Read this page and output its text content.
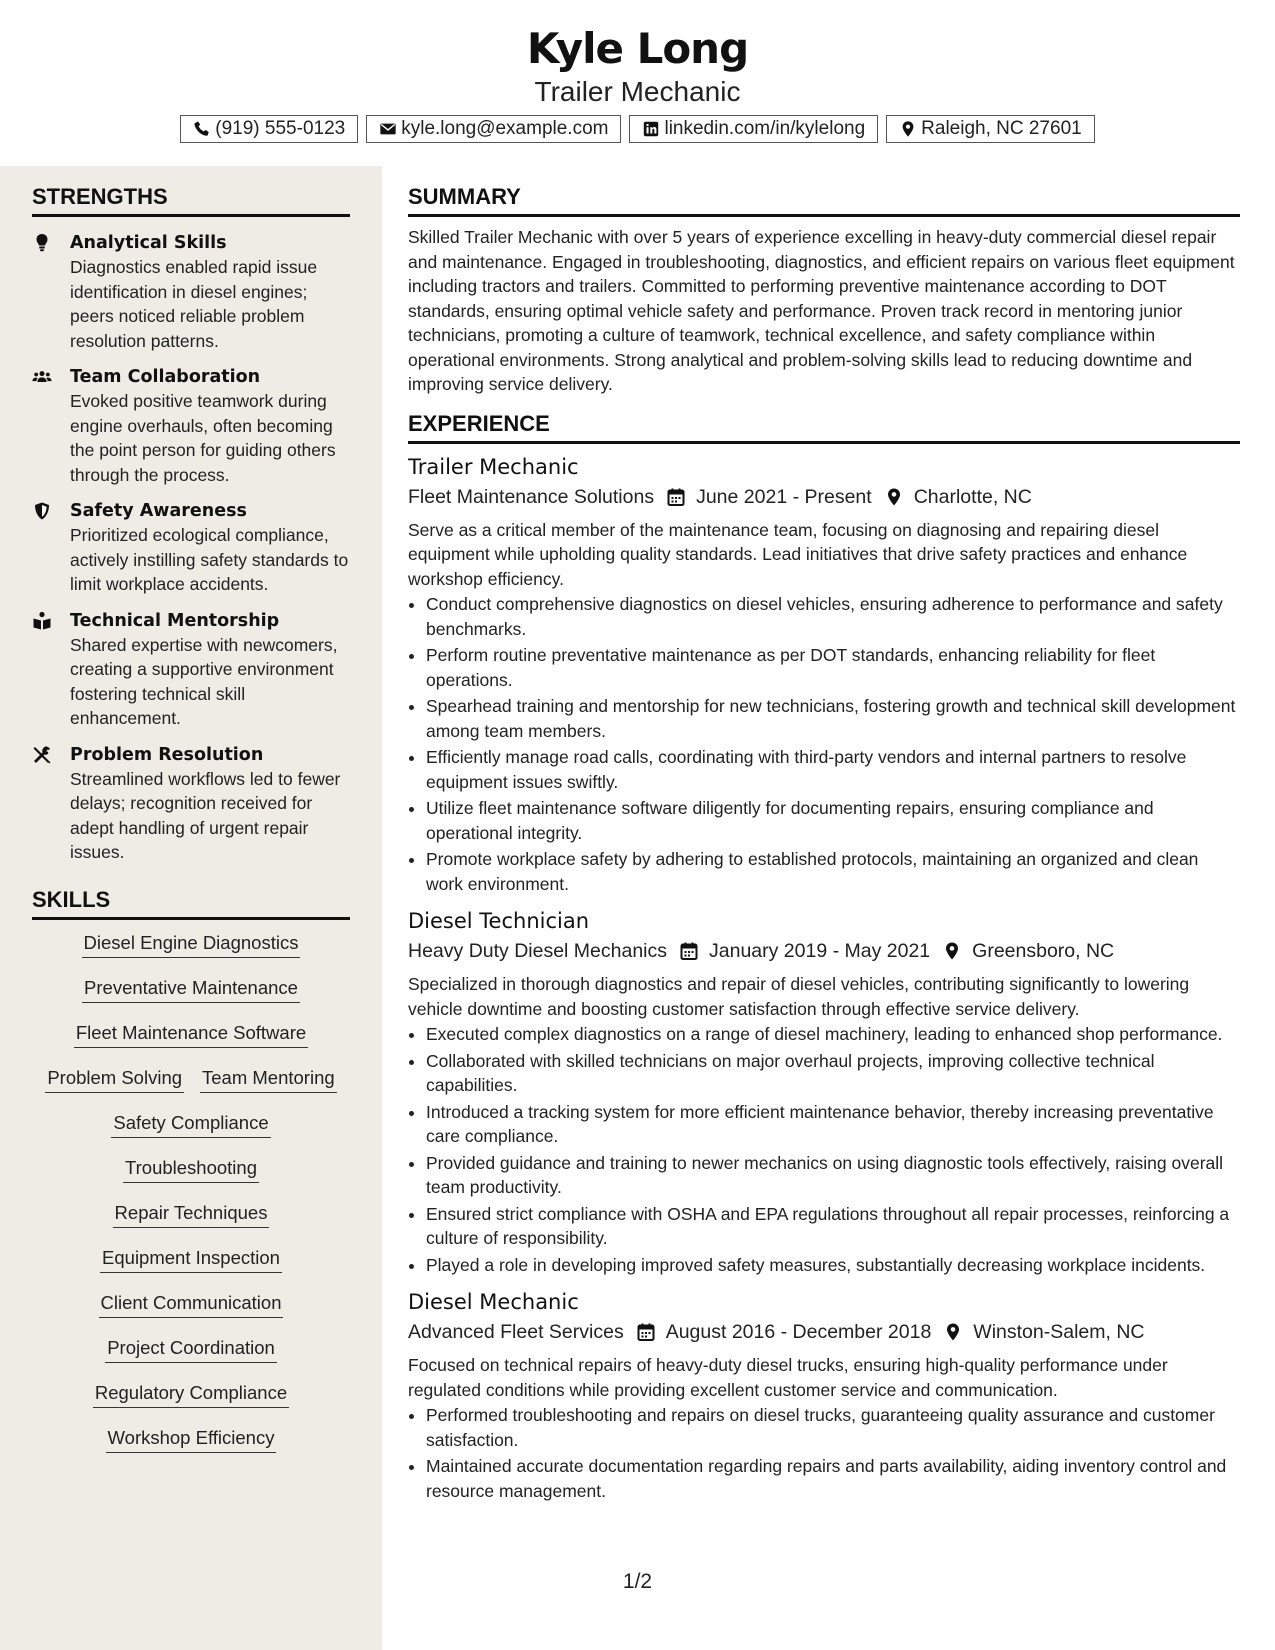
Kyle Long
Trailer Mechanic
(919) 555-0123	kyle.long@example.com	linkedin.com/in/kylelong	Raleigh, NC 27601
STRENGTHS
Analytical Skills
Diagnostics enabled rapid issue identification in diesel engines; peers noticed reliable problem resolution patterns.
Team Collaboration
Evoked positive teamwork during engine overhauls, often becoming the point person for guiding others through the process.
Safety Awareness
Prioritized ecological compliance, actively instilling safety standards to limit workplace accidents.
Technical Mentorship
Shared expertise with newcomers, creating a supportive environment fostering technical skill enhancement.
Problem Resolution
Streamlined workflows led to fewer delays; recognition received for adept handling of urgent repair issues.
SKILLS
Diesel Engine Diagnostics
Preventative Maintenance
Fleet Maintenance Software
Problem Solving Team Mentoring
Safety Compliance
Troubleshooting
Repair Techniques
Equipment Inspection
Client Communication
Project Coordination
Regulatory Compliance
Workshop Efficiency
SUMMARY
Skilled Trailer Mechanic with over 5 years of experience excelling in heavy-duty commercial diesel repair and maintenance. Engaged in troubleshooting, diagnostics, and efficient repairs on various fleet equipment including tractors and trailers. Committed to performing preventive maintenance according to DOT standards, ensuring optimal vehicle safety and performance. Proven track record in mentoring junior technicians, promoting a culture of teamwork, technical excellence, and safety compliance within operational environments. Strong analytical and problem-solving skills lead to reducing downtime and improving service delivery.
EXPERIENCE
Trailer Mechanic
Fleet Maintenance Solutions June 2021 - Present Charlotte, NC
Serve as a critical member of the maintenance team, focusing on diagnosing and repairing diesel equipment while upholding quality standards. Lead initiatives that drive safety practices and enhance workshop efficiency.
• Conduct comprehensive diagnostics on diesel vehicles, ensuring adherence to performance and safety benchmarks.
• Perform routine preventative maintenance as per DOT standards, enhancing reliability for fleet operations.
• Spearhead training and mentorship for new technicians, fostering growth and technical skill development among team members.
• Efficiently manage road calls, coordinating with third-party vendors and internal partners to resolve equipment issues swiftly.
• Utilize fleet maintenance software diligently for documenting repairs, ensuring compliance and operational integrity.
• Promote workplace safety by adhering to established protocols, maintaining an organized and clean work environment.
Diesel Technician
Heavy Duty Diesel Mechanics January 2019 - May 2021 Greensboro, NC
Specialized in thorough diagnostics and repair of diesel vehicles, contributing significantly to lowering vehicle downtime and boosting customer satisfaction through effective service delivery.
• Executed complex diagnostics on a range of diesel machinery, leading to enhanced shop performance.
• Collaborated with skilled technicians on major overhaul projects, improving collective technical capabilities.
• Introduced a tracking system for more efficient maintenance behavior, thereby increasing preventative care compliance.
• Provided guidance and training to newer mechanics on using diagnostic tools effectively, raising overall team productivity.
• Ensured strict compliance with OSHA and EPA regulations throughout all repair processes, reinforcing a culture of responsibility.
• Played a role in developing improved safety measures, substantially decreasing workplace incidents.
Diesel Mechanic
Advanced Fleet Services August 2016 - December 2018 Winston-Salem, NC
Focused on technical repairs of heavy-duty diesel trucks, ensuring high-quality performance under regulated conditions while providing excellent customer service and communication.
• Performed troubleshooting and repairs on diesel trucks, guaranteeing quality assurance and customer satisfaction.
• Maintained accurate documentation regarding repairs and parts availability, aiding inventory control and resource management.
1/2
